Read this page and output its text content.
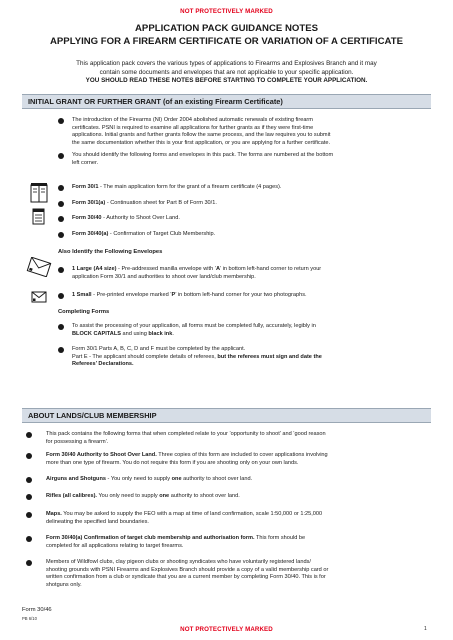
NOT PROTECTIVELY MARKED
APPLICATION PACK GUIDANCE NOTES
APPLYING FOR A FIREARM CERTIFICATE OR VARIATION OF A CERTIFICATE
This application pack covers the various types of applications to Firearms and Explosives Branch and it may
contain some documents and envelopes that are not applicable to your specific application.
YOU SHOULD READ THESE NOTES BEFORE STARTING TO COMPLETE YOUR APPLICATION.
INITIAL GRANT OR FURTHER GRANT (of an existing Firearm Certificate)
The introduction of the Firearms (NI) Order 2004 abolished automatic renewals of existing firearm
certificates. PSNI is required to examine all applications for further grants as if they were first-time
applications. Initial grants and further grants follow the same process, and the law requires you to submit
the same documentation whether this is your first application, or you are applying for a further certificate.
You should identify the following forms and envelopes in this pack. The forms are numbered at the bottom
left corner.
Form 30/1 - The main application form for the grant of a firearm certificate (4 pages).
Form 30/1(a) - Continuation sheet for Part B of Form 30/1.
Form 30/40 - Authority to Shoot Over Land.
Form 30/40(a) - Confirmation of Target Club Membership.
Also Identify the Following Envelopes
1 Large (A4 size) - Pre-addressed manilla envelope with ‘A’ in bottom left-hand corner to return your
application Form 30/1 and authorities to shoot over land/club membership.
1 Small - Pre-printed envelope marked ‘P’ in bottom left-hand corner for your two photographs.
Completing Forms
To assist the processing of your application, all forms must be completed fully, accurately, legibly in
BLOCK CAPITALS and using black ink.
Form 30/1 Parts A, B, C, D and F must be completed by the applicant.
Part E - The applicant should complete details of referees, but the referees must sign and date the
Referees’ Declarations.
ABOUT LANDS/CLUB MEMBERSHIP
This pack contains the following forms that when completed relate to your ‘opportunity to shoot’ and ‘good reason
for possessing a firearm’.
Form 30/40 Authority to Shoot Over Land. Three copies of this form are included to cover applications involving
more than one type of firearm. You do not require this form if you are shooting only on your own lands.
Airguns and Shotguns - You only need to supply one authority to shoot over land.
Rifles (all calibres). You only need to supply one authority to shoot over land.
Maps. You may be asked to supply the FEO with a map at time of land confirmation, scale 1:50,000 or 1:25,000
delineating the specified land boundaries.
Form 30/40(a) Confirmation of target club membership and authorisation form. This form should be
completed for all applications relating to target firearms.
Members of Wildfowl clubs, clay pigeon clubs or shooting syndicates who have voluntarily registered lands/
shooting grounds with PSNI Firearms and Explosives Branch should provide a copy of a valid membership card or
written confirmation from a club or syndicate that you are a current member by completing Form 30/40. This is for
shotguns only.
Form 30/46
PB 6/10
NOT PROTECTIVELY MARKED	1
